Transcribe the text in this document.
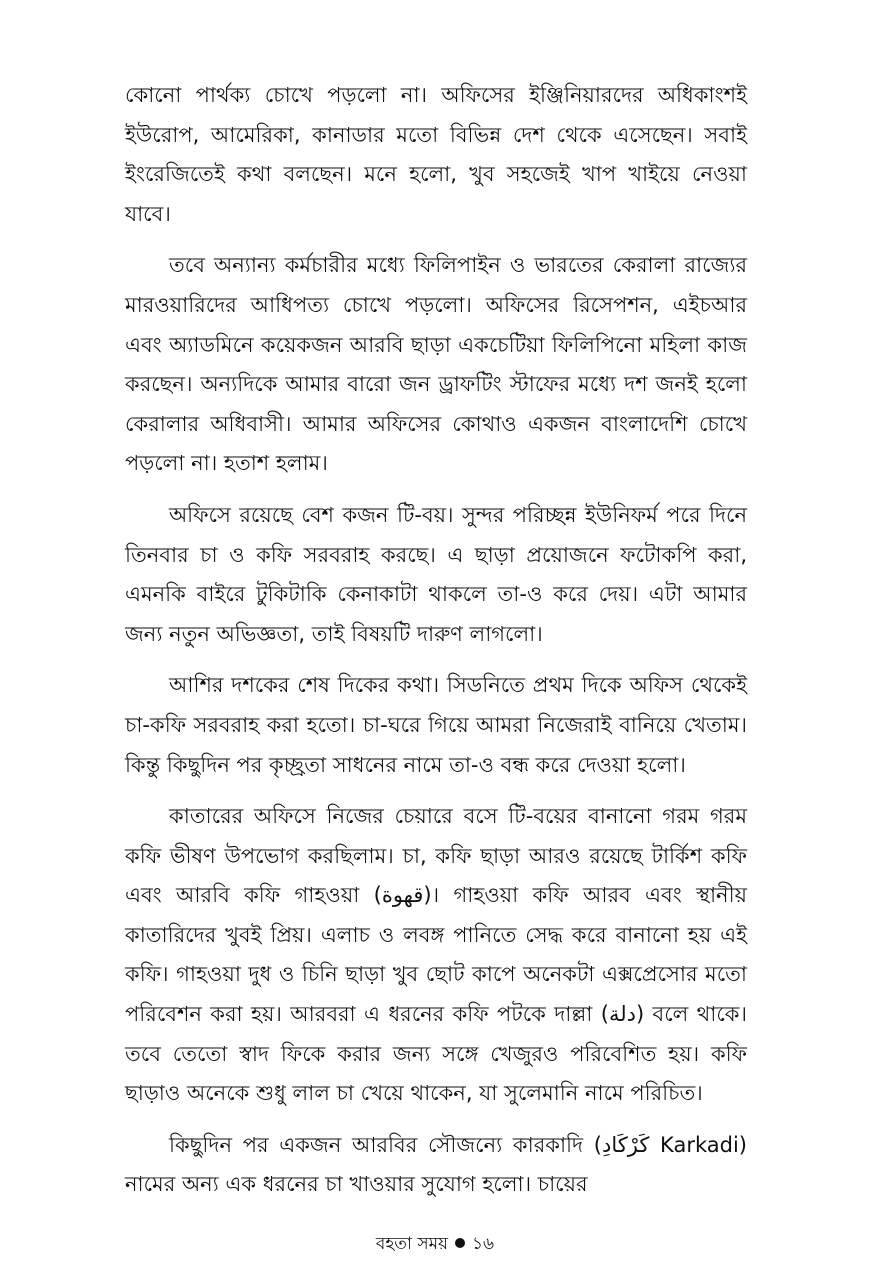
কোনো পার্থক্য চোখে পড়লো না। অফিসের ইঞ্জিনিয়ারদের অধিকাংশই ইউরোপ, আমেরিকা, কানাডার মতো বিভিন্ন দেশ থেকে এসেছেন। সবাই ইংরেজিতেই কথা বলছেন। মনে হলো, খুব সহজেই খাপ খাইয়ে নেওয়া যাবে।

তবে অন্যান্য কর্মচারীর মধ্যে ফিলিপাইন ও ভারতের কেরালা রাজ্যের মারওয়ারিদের আধিপত্য চোখে পড়লো। অফিসের রিসেপশন, এইচআর এবং অ্যাডমিনে কয়েকজন আরবি ছাড়া একচেটিয়া ফিলিপিনো মহিলা কাজ করছেন। অন্যদিকে আমার বারো জন ড্রাফটিং স্টাফের মধ্যে দশ জনই হলো কেরালার অধিবাসী। আমার অফিসের কোথাও একজন বাংলাদেশি চোখে পড়লো না। হতাশ হলাম।

অফিসে রয়েছে বেশ কজন টি-বয়। সুন্দর পরিচ্ছন্ন ইউনিফর্ম পরে দিনে তিনবার চা ও কফি সরবরাহ করছে। এ ছাড়া প্রয়োজনে ফটোকপি করা, এমনকি বাইরে টুকিটাকি কেনাকাটা থাকলে তা-ও করে দেয়। এটা আমার জন্য নতুন অভিজ্ঞতা, তাই বিষয়টি দারুণ লাগলো।

আশির দশকের শেষ দিকের কথা। সিডনিতে প্রথম দিকে অফিস থেকেই চা-কফি সরবরাহ করা হতো। চা-ঘরে গিয়ে আমরা নিজেরাই বানিয়ে খেতাম। কিন্তু কিছুদিন পর কৃচ্ছ্রতা সাধনের নামে তা-ও বন্ধ করে দেওয়া হলো।

কাতারের অফিসে নিজের চেয়ারে বসে টি-বয়ের বানানো গরম গরম কফি ভীষণ উপভোগ করছিলাম। চা, কফি ছাড়া আরও রয়েছে টার্কিশ কফি এবং আরবি কফি গাহওয়া (قهوة)। গাহওয়া কফি আরব এবং স্থানীয় কাতারিদের খুবই প্রিয়। এলাচ ও লবঙ্গ পানিতে সেদ্ধ করে বানানো হয় এই কফি। গাহওয়া দুধ ও চিনি ছাড়া খুব ছোট কাপে অনেকটা এক্সপ্রেসোর মতো পরিবেশন করা হয়। আরবরা এ ধরনের কফি পটকে দাল্লা (دلة) বলে থাকে। তবে তেতো স্বাদ ফিকে করার জন্য সঙ্গে খেজুরও পরিবেশিত হয়। কফি ছাড়াও অনেকে শুধু লাল চা খেয়ে থাকেন, যা সুলেমানি নামে পরিচিত।

কিছুদিন পর একজন আরবির সৌজন্যে কারকাদি (كَرْكَادِ Karkadi) নামের অন্য এক ধরনের চা খাওয়ার সুযোগ হলো। চায়ের

বহতা সময় ১৬
